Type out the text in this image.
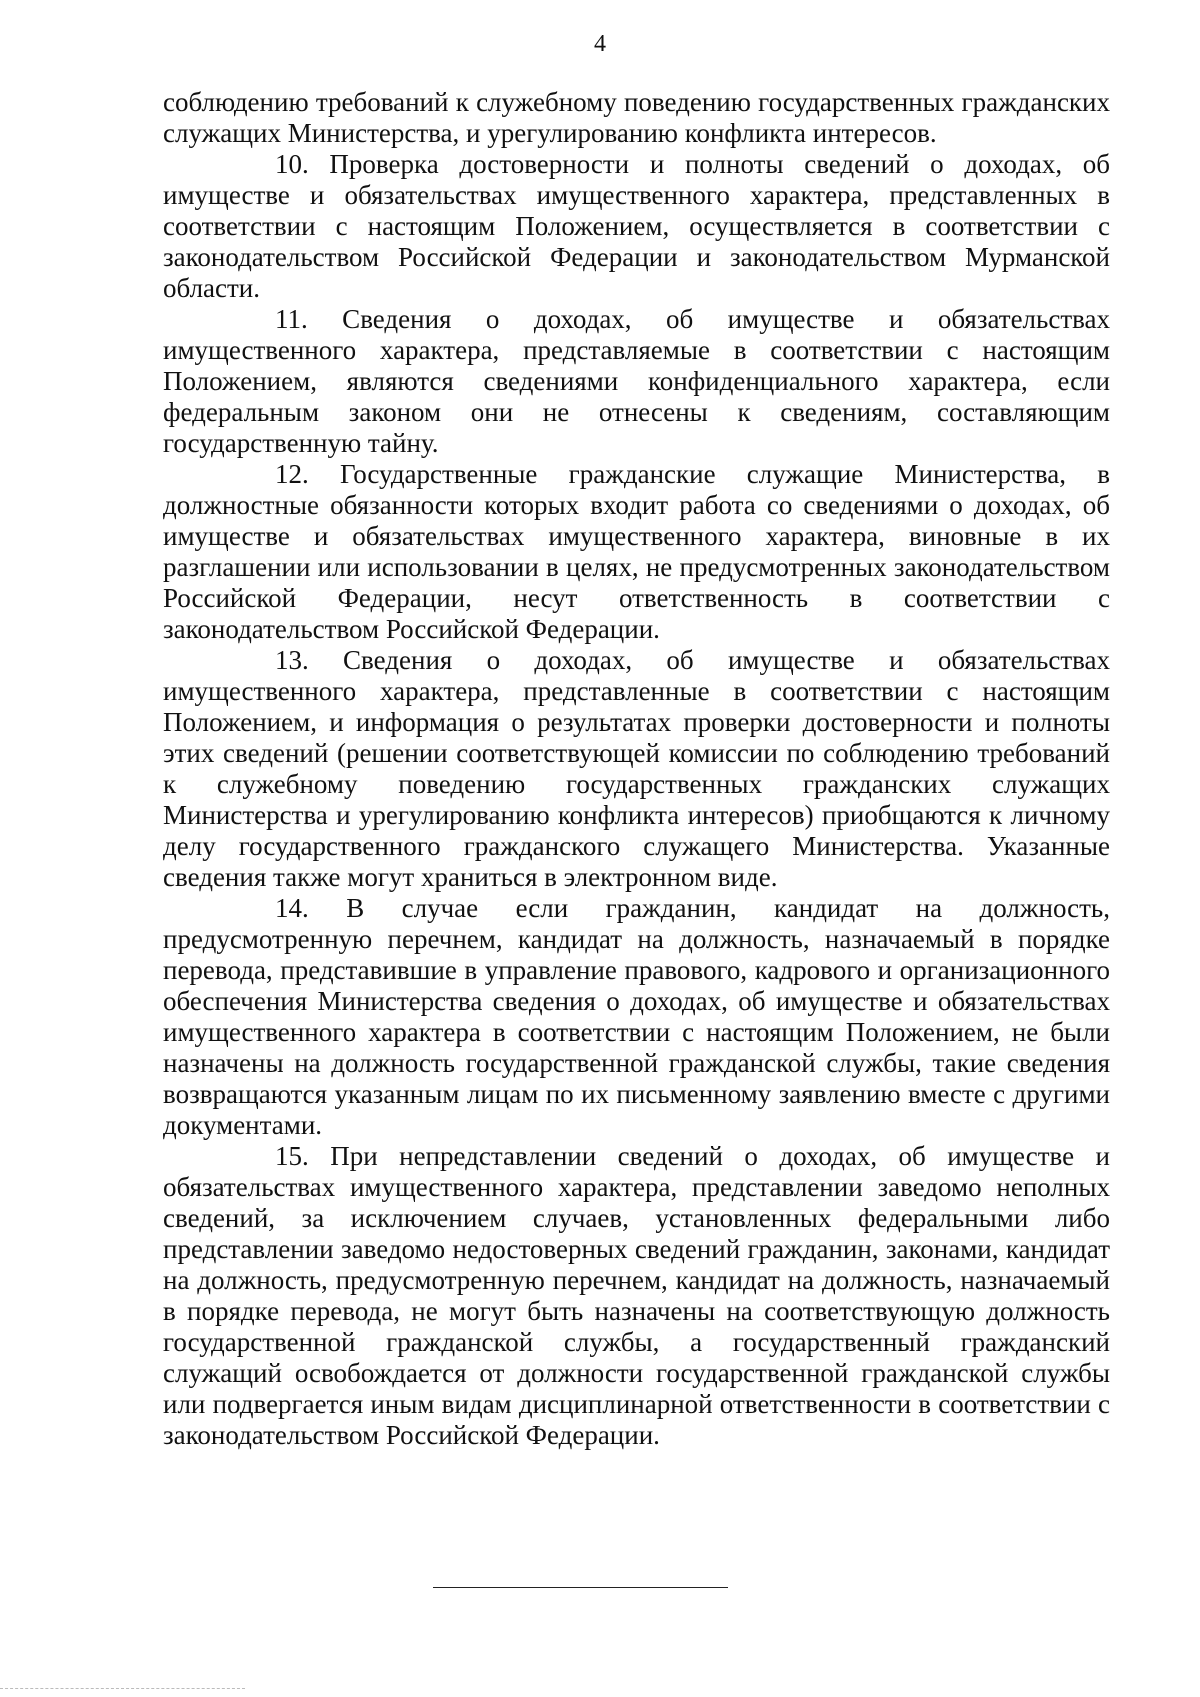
4

соблюдению требований к служебному поведению государственных гражданских служащих Министерства, и урегулированию конфликта интересов.

10. Проверка достоверности и полноты сведений о доходах, об имуществе и обязательствах имущественного характера, представленных в соответствии с настоящим Положением, осуществляется в соответствии с законодательством Российской Федерации и законодательством Мурманской области.

11. Сведения о доходах, об имуществе и обязательствах имущественного характера, представляемые в соответствии с настоящим Положением, являются сведениями конфиденциального характера, если федеральным законом они не отнесены к сведениям, составляющим государственную тайну.

12. Государственные гражданские служащие Министерства, в должностные обязанности которых входит работа со сведениями о доходах, об имуществе и обязательствах имущественного характера, виновные в их разглашении или использовании в целях, не предусмотренных законодательством Российской Федерации, несут ответственность в соответствии с законодательством Российской Федерации.

13. Сведения о доходах, об имуществе и обязательствах имущественного характера, представленные в соответствии с настоящим Положением, и информация о результатах проверки достоверности и полноты этих сведений (решении соответствующей комиссии по соблюдению требований к служебному поведению государственных гражданских служащих Министерства и урегулированию конфликта интересов) приобщаются к личному делу государственного гражданского служащего Министерства. Указанные сведения также могут храниться в электронном виде.

14. В случае если гражданин, кандидат на должность, предусмотренную перечнем, кандидат на должность, назначаемый в порядке перевода, представившие в управление правового, кадрового и организационного обеспечения Министерства сведения о доходах, об имуществе и обязательствах имущественного характера в соответствии с настоящим Положением, не были назначены на должность государственной гражданской службы, такие сведения возвращаются указанным лицам по их письменному заявлению вместе с другими документами.

15. При непредставлении сведений о доходах, об имуществе и обязательствах имущественного характера, представлении заведомо неполных сведений, за исключением случаев, установленных федеральными либо представлении заведомо недостоверных сведений гражданин, законами, кандидат на должность, предусмотренную перечнем, кандидат на должность, назначаемый в порядке перевода, не могут быть назначены на соответствующую должность государственной гражданской службы, а государственный гражданский служащий освобождается от должности государственной гражданской службы или подвергается иным видам дисциплинарной ответственности в соответствии с законодательством Российской Федерации.
